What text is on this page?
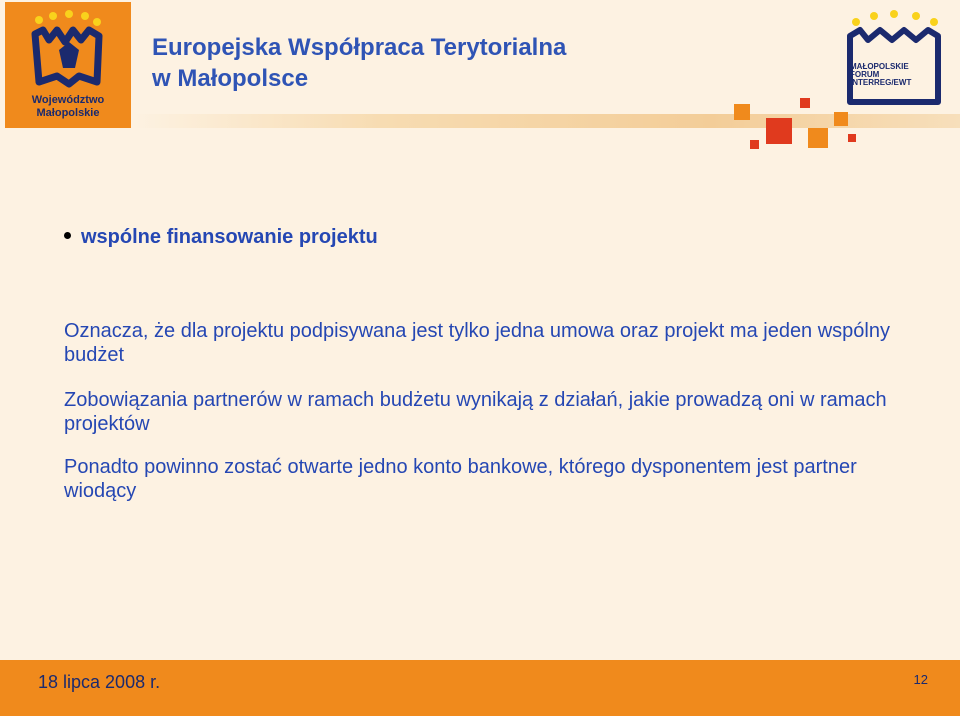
Województwo
Małopolskie
Europejska Współpraca Terytorialna
w Małopolsce	MAŁOPOLSKIE
FORUM
INTERREG/EWT
wspólne finansowanie projektu
Oznacza, że dla projektu podpisywana jest tylko jedna umowa oraz projekt ma jeden wspólny budżet
Zobowiązania partnerów w ramach budżetu wynikają z działań, jakie prowadzą oni w ramach projektów
Ponadto powinno zostać otwarte jedno konto bankowe, którego dysponentem jest partner wiodący
18 lipca 2008 r.	12
